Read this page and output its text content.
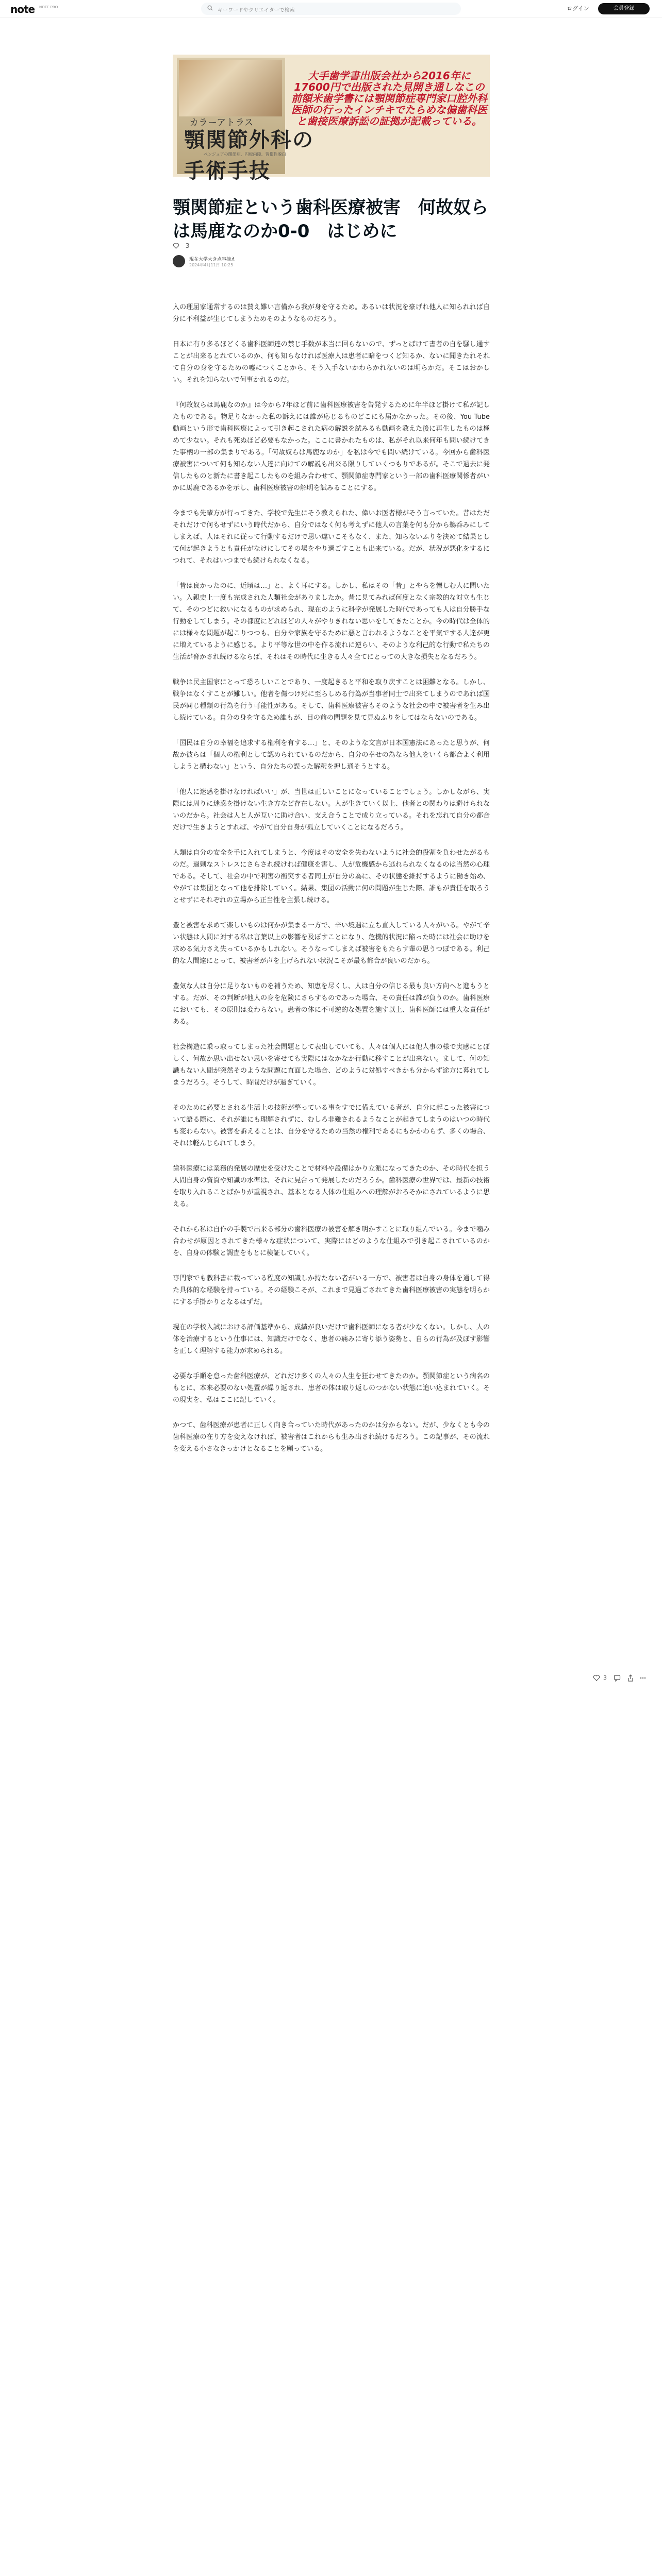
note NOTE PRO
キーワードやクリエイターで検索	ログイン	会員登録
カラーアトラス
顎関節外科の
ペンジュアの関節症、円板内障、習慣性脱臼
大手歯学書出版会社から2016年に17600円で出版された見開き通しなこの前額米歯学書には顎関節症専門家口腔外科医師の行ったインチキでたらめな偏歯科医と歯接医療訴訟の証拠が記載っている。
手術手技
顎関節症という歯科医療被害　何故奴らは馬鹿なのか0-0　はじめに
3
現在大学大き点容摘え
2024年4月11日 10:25

入の理屈家通常するのは賛え難い言備から我が身を守るため。あるいは状況を豪げれ他人に知られれば自分に不利益が生じてしまうためそのようなものだろう。

日本に有り多るほどくる歯科医師達の禁じ手数が本当に回らないので、ずっとばけて書者の自を騒し通すことが出来るとれているのか、何も知らなければ医療人は患者に暗をつくど知るか、ないに聞きたれそれて自分の身を守るための嘘につくことから、そう入手ないかわらかれないのは明らかだ。そこはおかしい。それを知らないで何事かれるのだ。

『何故奴らは馬鹿なのか』は今から7年ほど前に歯科医療被害を告発するために年半ほど掛けて私が記したものである。物足りなかった私の訴えには誰が応じるものどこにも届かなかった。その後、You Tube動画という形で歯科医療によって引き起こされた病の解説を試みるも動画を教えた後に再生したものは極めて少ない。それも死ぬほど必要もなかった。ここに書かれたものは、私がそれ以来何年も問い続けてきた事柄の一部の集まりである。「何故奴らは馬鹿なのか」を私は今でも問い続けている。今回から歯科医療被害について何も知らない人達に向けての解説も出来る限りしていくつもりであるが。そこで過去に発信したものと新たに書き起こしたものを組み合わせて、顎関節症専門家という一部の歯科医療関係者がいかに馬鹿であるかを示し、歯科医療被害の解明を試みることにする。

今までも先輩方が行ってきた、学校で先生にそう教えられた、偉いお医者様がそう言っていた。昔はただそれだけで何もせずにいう時代だから、自分ではなく何も考えずに他人の言葉を何も分から鵜呑みにしてしまえば、人はそれに従って行動するだけで思い違いこそもなく、また、知らないふりを決めて結果として何が起きようとも責任がなけにしてその場をやり過ごすことも出来ている。だが、状況が悪化をするにつれて、それはいつまでも続けられなくなる。

「昔は良かったのに、近頃は…」と、よく耳にする。しかし、私はその「昔」とやらを懐しむ人に問いたい。入親史上一度も完成された人類社会がありましたか。昔に見てみれば何度となく宗教的な対立も生じて、そのつどに救いになるものが求められ、現在のように科学が発展した時代であっても人は自分勝手な行動をしてしまう。その都度にどれほどの人々がやりきれない思いをしてきたことか。今の時代は全体的には様々な問題が起こりつつも、自分や家族を守るために悪と言われるようなことを平気でする人達が更に増えているように感じる。より平等な世の中を作る流れに逆らい、そのような利己的な行動で私たちの生活が脅かされ続けるならば、それはその時代に生きる人々全てにとっての大きな損失となるだろう。

戦争は民主国家にとって恐ろしいことであり、一度起きると平和を取り戻すことは困難となる。しかし、戦争はなくすことが難しい。他者を傷つけ死に至らしめる行為が当事者同士で出来てしまうのであれば国民が同じ種類の行為を行う可能性がある。そして、歯科医療被害もそのような社会の中で被害者を生み出し続けている。自分の身を守るため誰もが、目の前の問題を見て見ぬふりをしてはならないのである。

「国民は自分の幸福を追求する権利を有する…」と、そのような文言が日本国憲法にあったと思うが、何故か彼らは「個人の権利として認められているのだから、自分の幸せの為なら他人をいくら都合よく利用しようと構わない」という、自分たちの誤った解釈を押し通そうとする。

「他人に迷惑を掛けなければいい」が、当世は正しいことになっていることでしょう。しかしながら、実際には周りに迷惑を掛けない生き方など存在しない。人が生きていく以上、他者との関わりは避けられないのだから。社会は人と人が互いに助け合い、支え合うことで成り立っている。それを忘れて自分の都合だけで生きようとすれば、やがて自分自身が孤立していくことになるだろう。

人類は自分の安全を手に入れてしまうと、今度はその安全を失わないように社会的役割を負わせたがるものだ。過剰なストレスにさらされ続ければ健康を害し、人が危機感から逃れられなくなるのは当然の心理である。そして、社会の中で利害の衝突する者同士が自分の為に、その状態を維持するように働き始め、やがては集団となって他を排除していく。結果、集団の活動に何の問題が生じた際、誰もが責任を取ろうとせずにそれぞれの立場から正当性を主張し続ける。

豊と被害を求めて楽しいものは何かが集まる一方で、辛い境遇に立ち直入している人々がいる。やがて辛い状態は人間に対する私は言葉以上の影響を及ぼすことになり、危機的状況に陥った時には社会に助けを求める気力さえ失っているかもしれない。そうなってしまえば被害をもたらす輩の思うつぼである。利己的な人間達にとって、被害者が声を上げられない状況こそが最も都合が良いのだから。

豊気な人は自分に足りないものを補うため、知恵を尽くし、人は自分の信じる最も良い方向へと進もうとする。だが、その判断が他人の身を危険にさらすものであった場合、その責任は誰が負うのか。歯科医療においても、その原則は変わらない。患者の体に不可逆的な処置を施す以上、歯科医師には重大な責任がある。

社会構造に乗っ取ってしまった社会問題として表出していても、人々は個人には他人事の様で実感にとぼしく、何故か思い出せない思いを寄せても実際にはなかなか行動に移すことが出来ない。まして、何の知識もない人間が突然そのような問題に直面した場合、どのように対処すべきかも分からず途方に暮れてしまうだろう。そうして、時間だけが過ぎていく。

そのために必要とされる生活上の技術が整っている事をすでに備えている者が、自分に起こった被害について語る際に、それが誰にも理解されずに、むしろ非難されるようなことが起きてしまうのはいつの時代も変わらない。被害を訴えることは、自分を守るための当然の権利であるにもかかわらず、多くの場合、それは軽んじられてしまう。

歯科医療には業務的発展の歴史を受けたことで材料や設備はかり立派になってきたのか、その時代を担う人間自身の資質や知識の水準は、それに見合って発展したのだろうか。歯科医療の世界では、最新の技術を取り入れることばかりが重視され、基本となる人体の仕組みへの理解がおろそかにされているように思える。

それから私は自作の手製で出来る部分の歯科医療の被害を解き明かすことに取り組んでいる。今まで噛み合わせが原因とされてきた様々な症状について、実際にはどのような仕組みで引き起こされているのかを、自身の体験と調査をもとに検証していく。

専門家でも教科書に載っている程度の知識しか持たない者がいる一方で、被害者は自身の身体を通して得た具体的な経験を持っている。その経験こそが、これまで見過ごされてきた歯科医療被害の実態を明らかにする手掛かりとなるはずだ。

現在の学校入試における評価基準から、成績が良いだけで歯科医師になる者が少なくない。しかし、人の体を治療するという仕事には、知識だけでなく、患者の痛みに寄り添う姿勢と、自らの行為が及ぼす影響を正しく理解する能力が求められる。

必要な手順を怠った歯科医療が、どれだけ多くの人々の人生を狂わせてきたのか。顎関節症という病名のもとに、本来必要のない処置が繰り返され、患者の体は取り返しのつかない状態に追い込まれていく。その現実を、私はここに記していく。

かつて、歯科医療が患者に正しく向き合っていた時代があったのかは分からない。だが、少なくとも今の歯科医療の在り方を変えなければ、被害者はこれからも生み出され続けるだろう。この記事が、その流れを変える小さなきっかけとなることを願っている。

3
